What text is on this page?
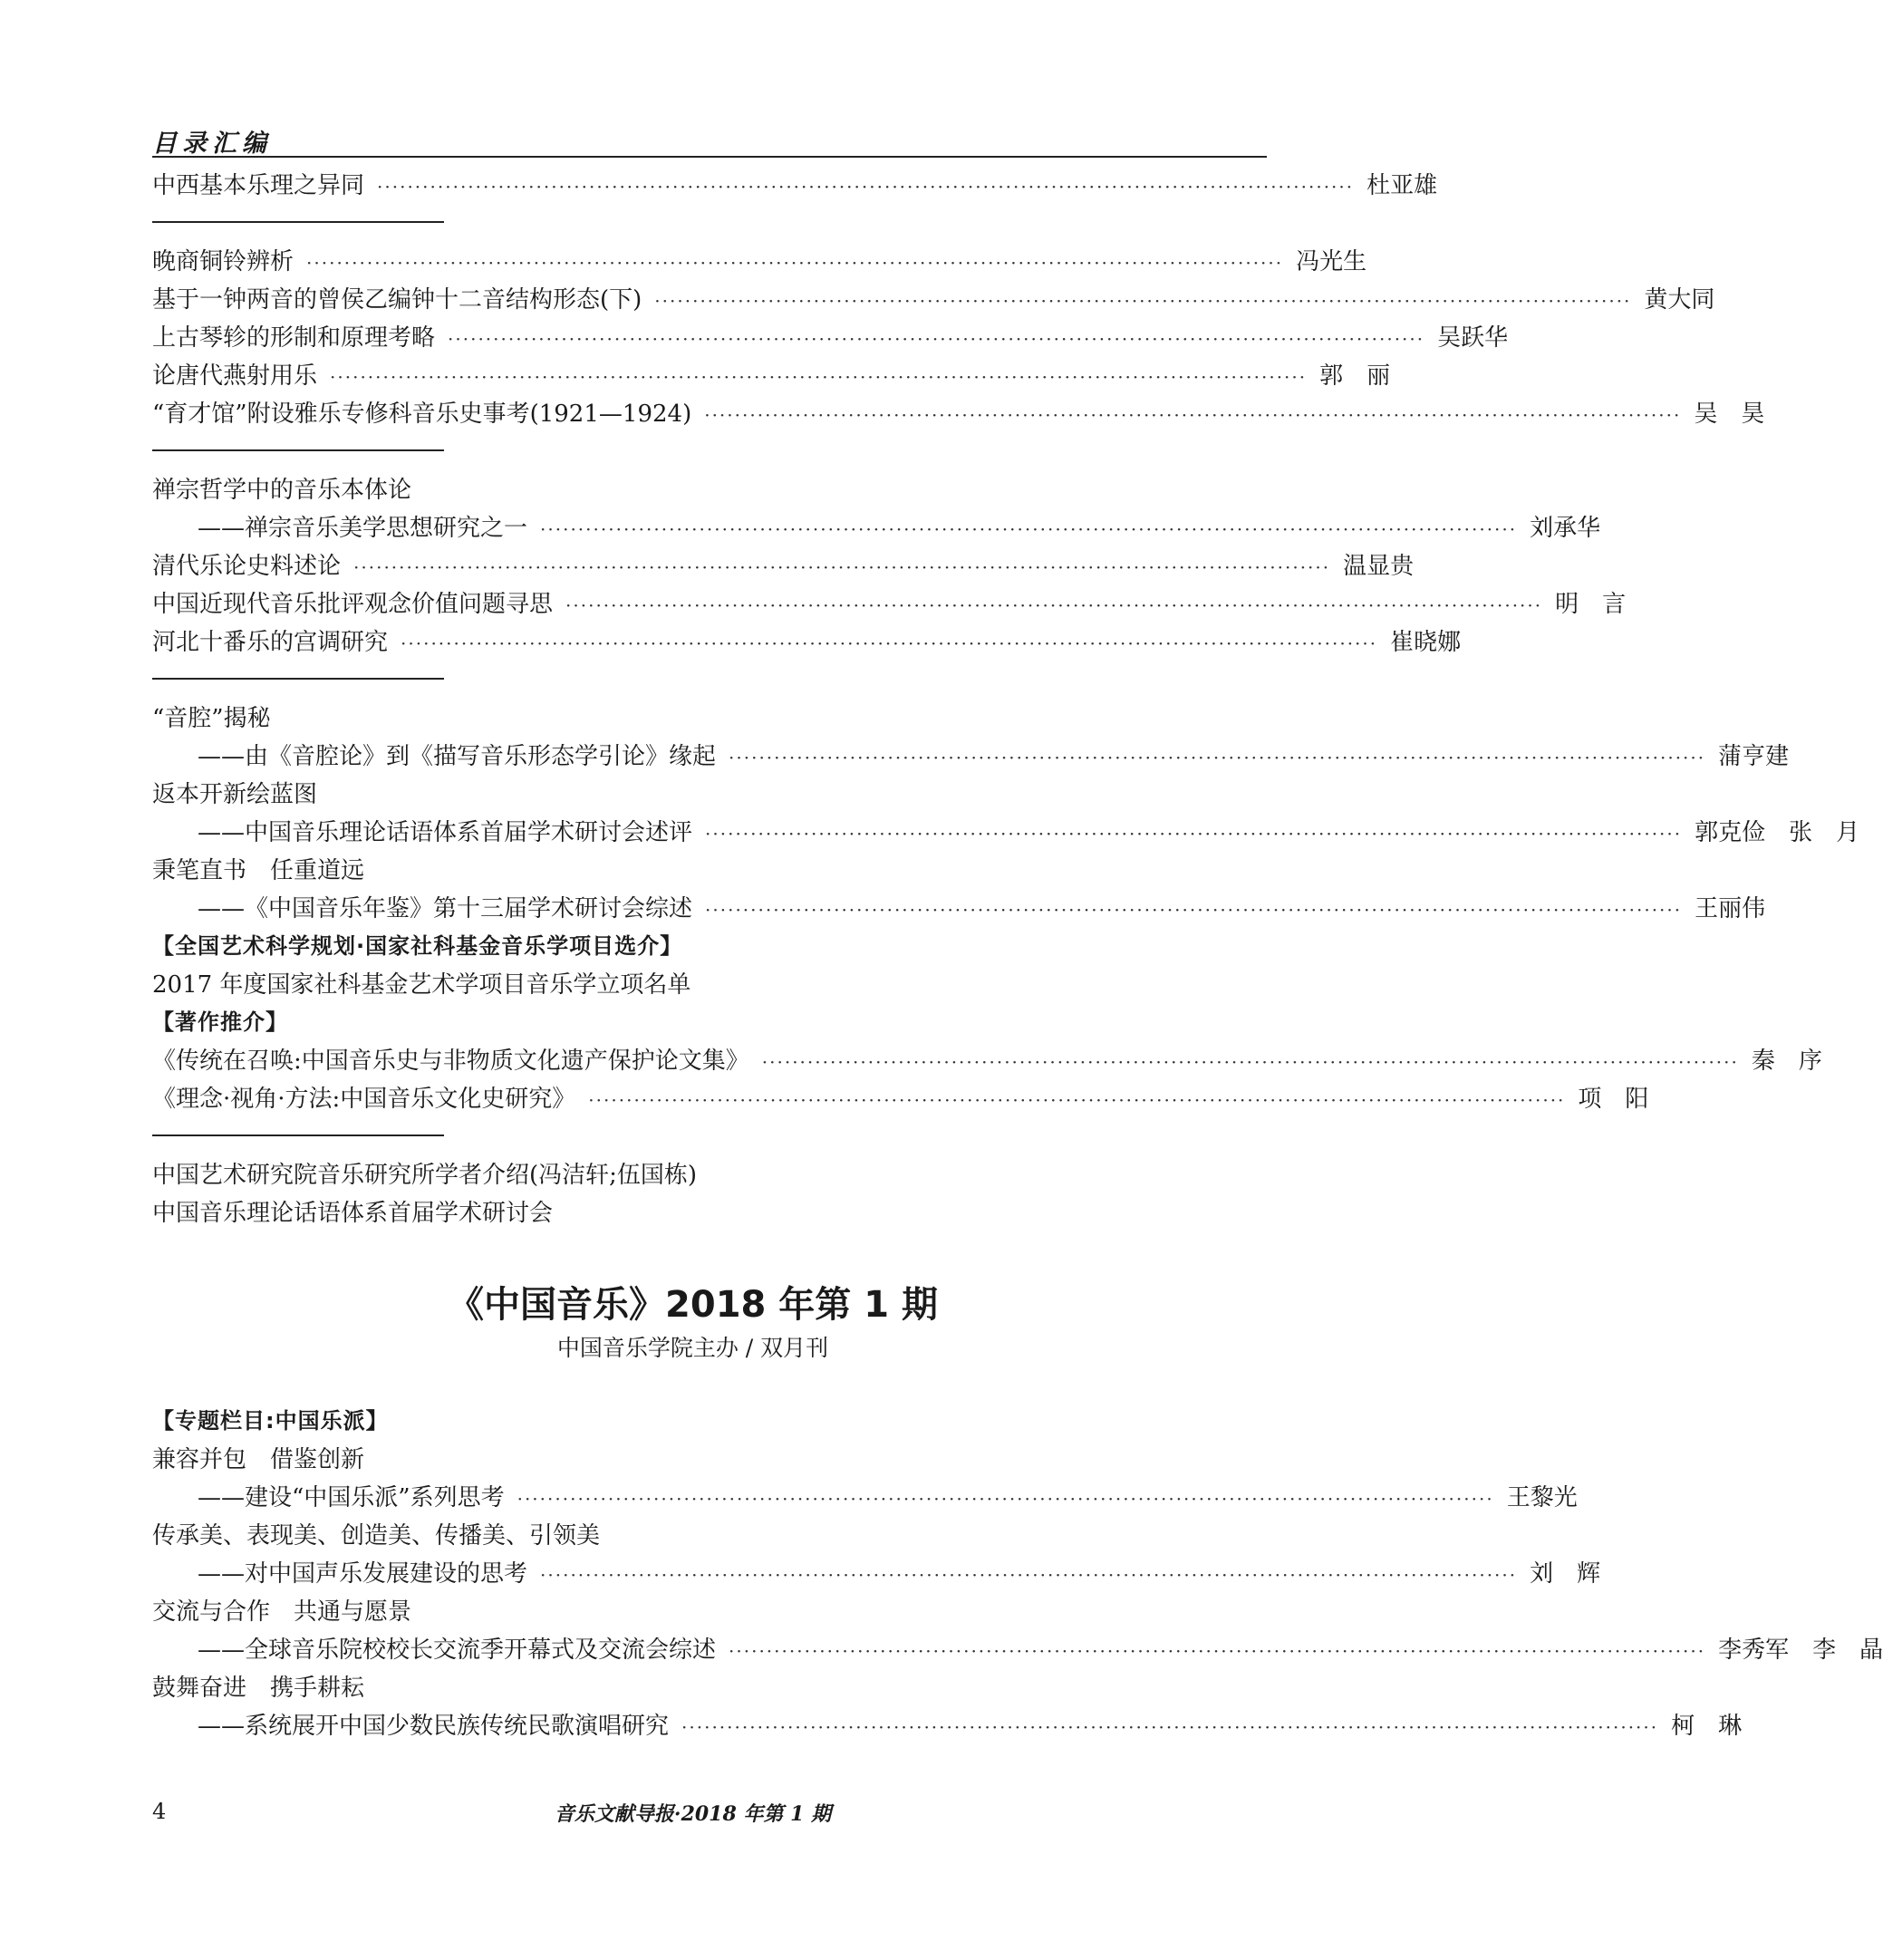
目录汇编
中西基本乐理之异同 ································································································································· 杜亚雄
晚商铜铃辨析 ································································································································· 冯光生
基于一钟两音的曾侯乙编钟十二音结构形态(下) ································································································································· 黄大同
上古琴轸的形制和原理考略 ································································································································· 吴跃华
论唐代燕射用乐 ································································································································· 郭　丽
“育才馆”附设雅乐专修科音乐史事考(1921—1924) ································································································································· 吴　昊
禅宗哲学中的音乐本体论
——禅宗音乐美学思想研究之一 ································································································································· 刘承华
清代乐论史料述论 ································································································································· 温显贵
中国近现代音乐批评观念价值问题寻思 ································································································································· 明　言
河北十番乐的宫调研究 ································································································································· 崔晓娜
“音腔”揭秘
——由《音腔论》到《描写音乐形态学引论》缘起 ································································································································· 蒲亨建
返本开新绘蓝图
——中国音乐理论话语体系首届学术研讨会述评 ································································································································· 郭克俭　张　月
秉笔直书　任重道远
——《中国音乐年鉴》第十三届学术研讨会综述 ································································································································· 王丽伟
【全国艺术科学规划·国家社科基金音乐学项目选介】
2017 年度国家社科基金艺术学项目音乐学立项名单
【著作推介】
《传统在召唤:中国音乐史与非物质文化遗产保护论文集》 ································································································································· 秦　序
《理念·视角·方法:中国音乐文化史研究》 ································································································································· 项　阳
中国艺术研究院音乐研究所学者介绍(冯洁轩;伍国栋)
中国音乐理论话语体系首届学术研讨会
《中国音乐》2018 年第 1 期
中国音乐学院主办 / 双月刊
【专题栏目:中国乐派】
兼容并包　借鉴创新
——建设“中国乐派”系列思考 ································································································································· 王黎光
传承美、表现美、创造美、传播美、引领美
——对中国声乐发展建设的思考 ································································································································· 刘　辉
交流与合作　共通与愿景
——全球音乐院校校长交流季开幕式及交流会综述 ································································································································· 李秀军　李　晶
鼓舞奋进　携手耕耘
——系统展开中国少数民族传统民歌演唱研究 ································································································································· 柯　琳
4	音乐文献导报·2018 年第 1 期
